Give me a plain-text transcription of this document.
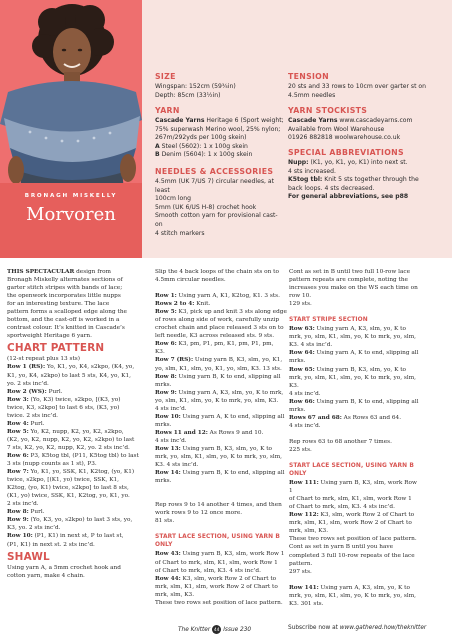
BRONAGH MISKELLY
Morvoren
SIZE

Wingspan: 152cm (59¾in)

Depth: 85cm (33½in)

YARN

Cascade Yarns Heritage 6 (Sport weight;

75% superwash Merino wool, 25% nylon;

267m/292yds per 100g skein)

A Steel (5602): 1 x 100g skein

B Denim (5604): 1 x 100g skein

NEEDLES & ACCESSORIES

4.5mm (UK 7/US 7) circular needles, at least

100cm long

5mm (UK 6/US H-8) crochet hook

Smooth cotton yarn for provisional cast-on

4 stitch markers

TENSION

20 sts and 33 rows to 10cm over garter st on

4.5mm needles

YARN STOCKISTS

Cascade Yarns www.cascadeyarns.com

Available from Wool Warehouse

01926 882818 woolwarehouse.co.uk

SPECIAL ABBREVIATIONS

Nupp: (K1, yo, K1, yo, K1) into next st.

4 sts increased.

K5tog tbl: Knit 5 sts together through the

back loops. 4 sts decreased.

For general abbreviations, see p88

THIS SPECTACULAR design from
Bronagh Miskelly alternates sections of
garter stitch stripes with bands of lace;
the openwork incorporates little nupps
for an interesting texture. The lace
pattern forms a scalloped edge along the
bottom, and the cast-off is worked in a
contrast colour. It’s knitted in Cascade’s
sportweight Heritage 6 yarn.

CHART PATTERN

(12-st repeat plus 13 sts)

Row 1 (RS): Yo, K1, yo, K4, s2kpo, (K4, yo,
K1, yo, K4, s2kpo) to last 5 sts, K4, yo, K1,
yo. 2 sts inc’d.

Row 2 (WS): Purl.

Row 3: (Yo, K3) twice, s2kpo, [(K3, yo)
twice, K3, s2kpo] to last 6 sts, (K3, yo)
twice. 2 sts inc’d.

Row 4: Purl.

Row 5: Yo, K2, nupp, K2, yo, K2, s2kpo,
(K2, yo, K2, nupp, K2, yo, K2, s2kpo) to last
7 sts, K2, yo, K2, nupp, K2, yo. 2 sts inc’d.

Row 6: P3, K5tog tbl, (P11, K5tog tbl) to last
3 sts (nupp counts as 1 st), P3.

Row 7: Yo, K1, yo, SSK, K1, K2tog, (yo, K1)
twice, s2kpo, [(K1, yo) twice, SSK, K1,
K2tog, (yo, K1) twice, s2kpo] to last 8 sts,
(K1, yo) twice, SSK, K1, K2tog, yo, K1, yo.
2 sts inc’d.

Row 8: Purl.

Row 9: (Yo, K3, yo, s2kpo) to last 3 sts, yo,
K3, yo. 2 sts inc’d.

Row 10: (P1, K1) in next st, P to last st,
(P1, K1) in next st. 2 sts inc’d.

SHAWL

Using yarn A, a 5mm crochet hook and
cotton yarn, make 4 chain.

Slip the 4 back loops of the chain sts on to
4.5mm circular needles.

Row 1: Using yarn A, K1, K2tog, K1. 3 sts.

Rows 2 to 4: Knit.

Row 5: K3, pick up and knit 3 sts along edge
of rows along side of work, carefully unzip
crochet chain and place released 3 sts on to
left needle, K3 across released sts. 9 sts.

Row 6: K3, pm, P1, pm, K1, pm, P1, pm,
K3.

Row 7 (RS): Using yarn B, K3, slm, yo, K1,
yo, slm, K1, slm, yo, K1, yo, slm, K3. 13 sts.

Row 8: Using yarn B, K to end, slipping all
mrks.

Row 9: Using yarn A, K3, slm, yo, K to mrk,
yo, slm, K1, slm, yo, K to mrk, yo, slm, K3.
4 sts inc’d.

Row 10: Using yarn A, K to end, slipping all
mrks.

Rows 11 and 12: As Rows 9 and 10.

4 sts inc’d.

Row 13: Using yarn B, K3, slm, yo, K to
mrk, yo, slm, K1, slm, yo, K to mrk, yo, slm,
K3. 4 sts inc’d.

Row 14: Using yarn B, K to end, slipping all
mrks.

Rep rows 9 to 14 another 4 times, and then
work rows 9 to 12 once more.

81 sts.

START LACE SECTION, USING YARN B ONLY

Row 43: Using yarn B, K3, slm, work Row 1
of Chart to mrk, slm, K1, slm, work Row 1
of Chart to mrk, slm, K3. 4 sts inc’d.

Row 44: K3, slm, work Row 2 of Chart to
mrk, slm, K1, slm, work Row 2 of Chart to
mrk, slm, K3.

These two rows set position of lace pattern.

Cont as set in B until two full 10-row lace
pattern repeats are complete, noting the
increases you make on the WS each time on
row 10.

129 sts.

START STRIPE SECTION

Row 63: Using yarn A, K3, slm, yo, K to
mrk, yo, slm, K1, slm, yo, K to mrk, yo, slm,
K3. 4 sts inc’d.

Row 64: Using yarn A, K to end, slipping all
mrks.

Row 65: Using yarn B, K3, slm, yo, K to
mrk, yo, slm, K1, slm, yo, K to mrk, yo, slm,
K3.

4 sts inc’d.

Row 66: Using yarn B, K to end, slipping all
mrks.

Rows 67 and 68: As Rows 63 and 64.

4 sts inc’d.

Rep rows 63 to 68 another 7 times.

225 sts.

START LACE SECTION, USING YARN B ONLY

Row 111: Using yarn B, K3, slm, work Row 1
of Chart to mrk, slm, K1, slm, work Row 1
of Chart to mrk, slm, K3. 4 sts inc’d.

Row 112: K3, slm, work Row 2 of Chart to
mrk, slm, K1, slm, work Row 2 of Chart to
mrk, slm, K3.

These two rows set position of lace pattern.
Cont as set in yarn B until you have
completed 3 full 10-row repeats of the lace
pattern.

297 sts.

Row 141: Using yarn A, K3, slm, yo, K to
mrk, yo, slm, K1, slm, yo, K to mrk, yo, slm,
K3. 301 sts.

The Knitter 44 Issue 230	Subscribe now at www.gathered.how/theknitter
